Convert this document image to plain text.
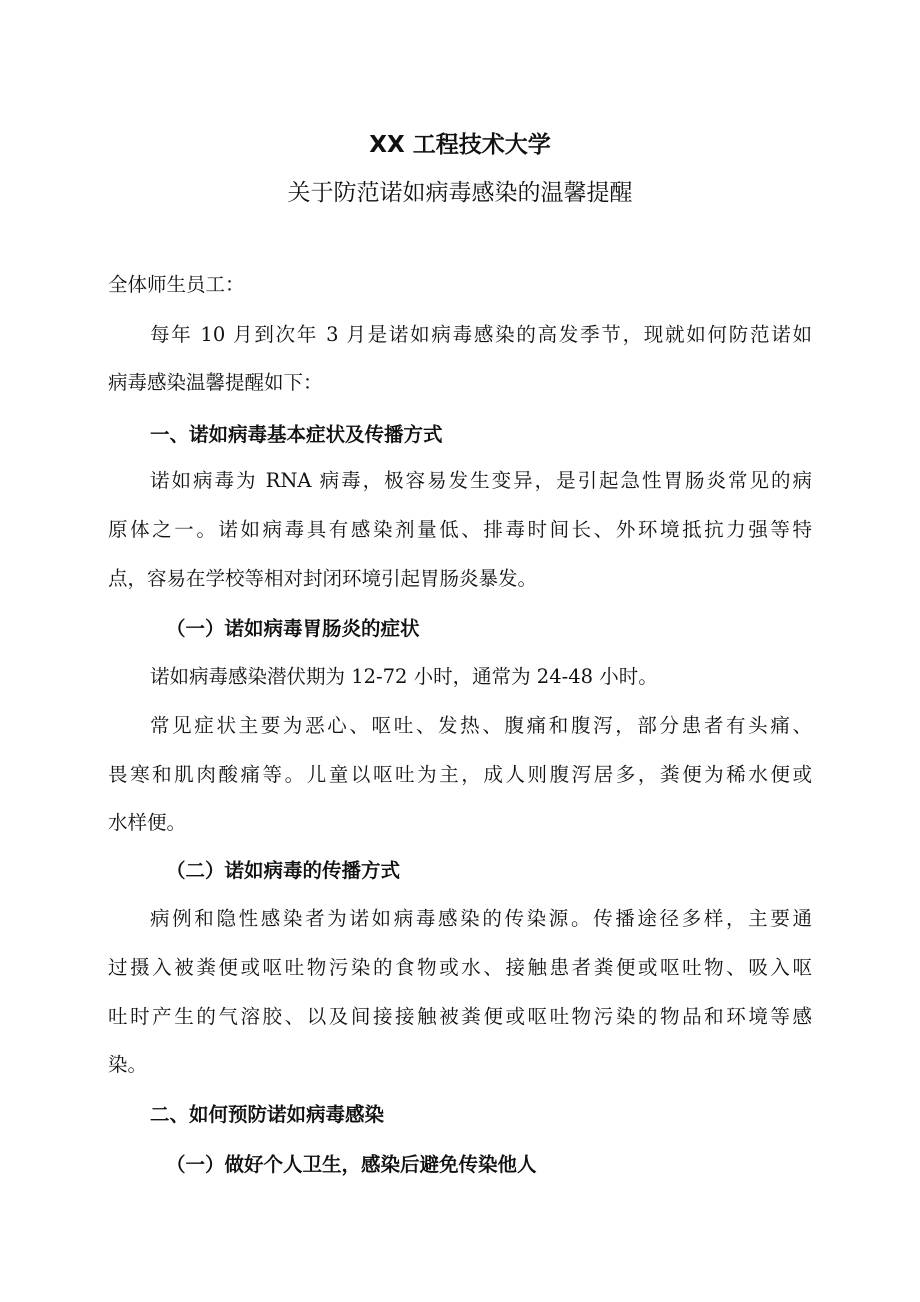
XX 工程技术大学
关于防范诺如病毒感染的温馨提醒
全体师生员工：
每年 10 月到次年 3 月是诺如病毒感染的高发季节，现就如何防范诺如
病毒感染温馨提醒如下：
一、诺如病毒基本症状及传播方式
诺如病毒为 RNA 病毒，极容易发生变异，是引起急性胃肠炎常见的病
原体之一。诺如病毒具有感染剂量低、排毒时间长、外环境抵抗力强等特
点，容易在学校等相对封闭环境引起胃肠炎暴发。
（一）诺如病毒胃肠炎的症状
诺如病毒感染潜伏期为 12-72 小时，通常为 24-48 小时。
常见症状主要为恶心、呕吐、发热、腹痛和腹泻，部分患者有头痛、
畏寒和肌肉酸痛等。儿童以呕吐为主，成人则腹泻居多，粪便为稀水便或
水样便。
（二）诺如病毒的传播方式
病例和隐性感染者为诺如病毒感染的传染源。传播途径多样，主要通
过摄入被粪便或呕吐物污染的食物或水、接触患者粪便或呕吐物、吸入呕
吐时产生的气溶胶、以及间接接触被粪便或呕吐物污染的物品和环境等感
染。
二、如何预防诺如病毒感染
（一）做好个人卫生，感染后避免传染他人
